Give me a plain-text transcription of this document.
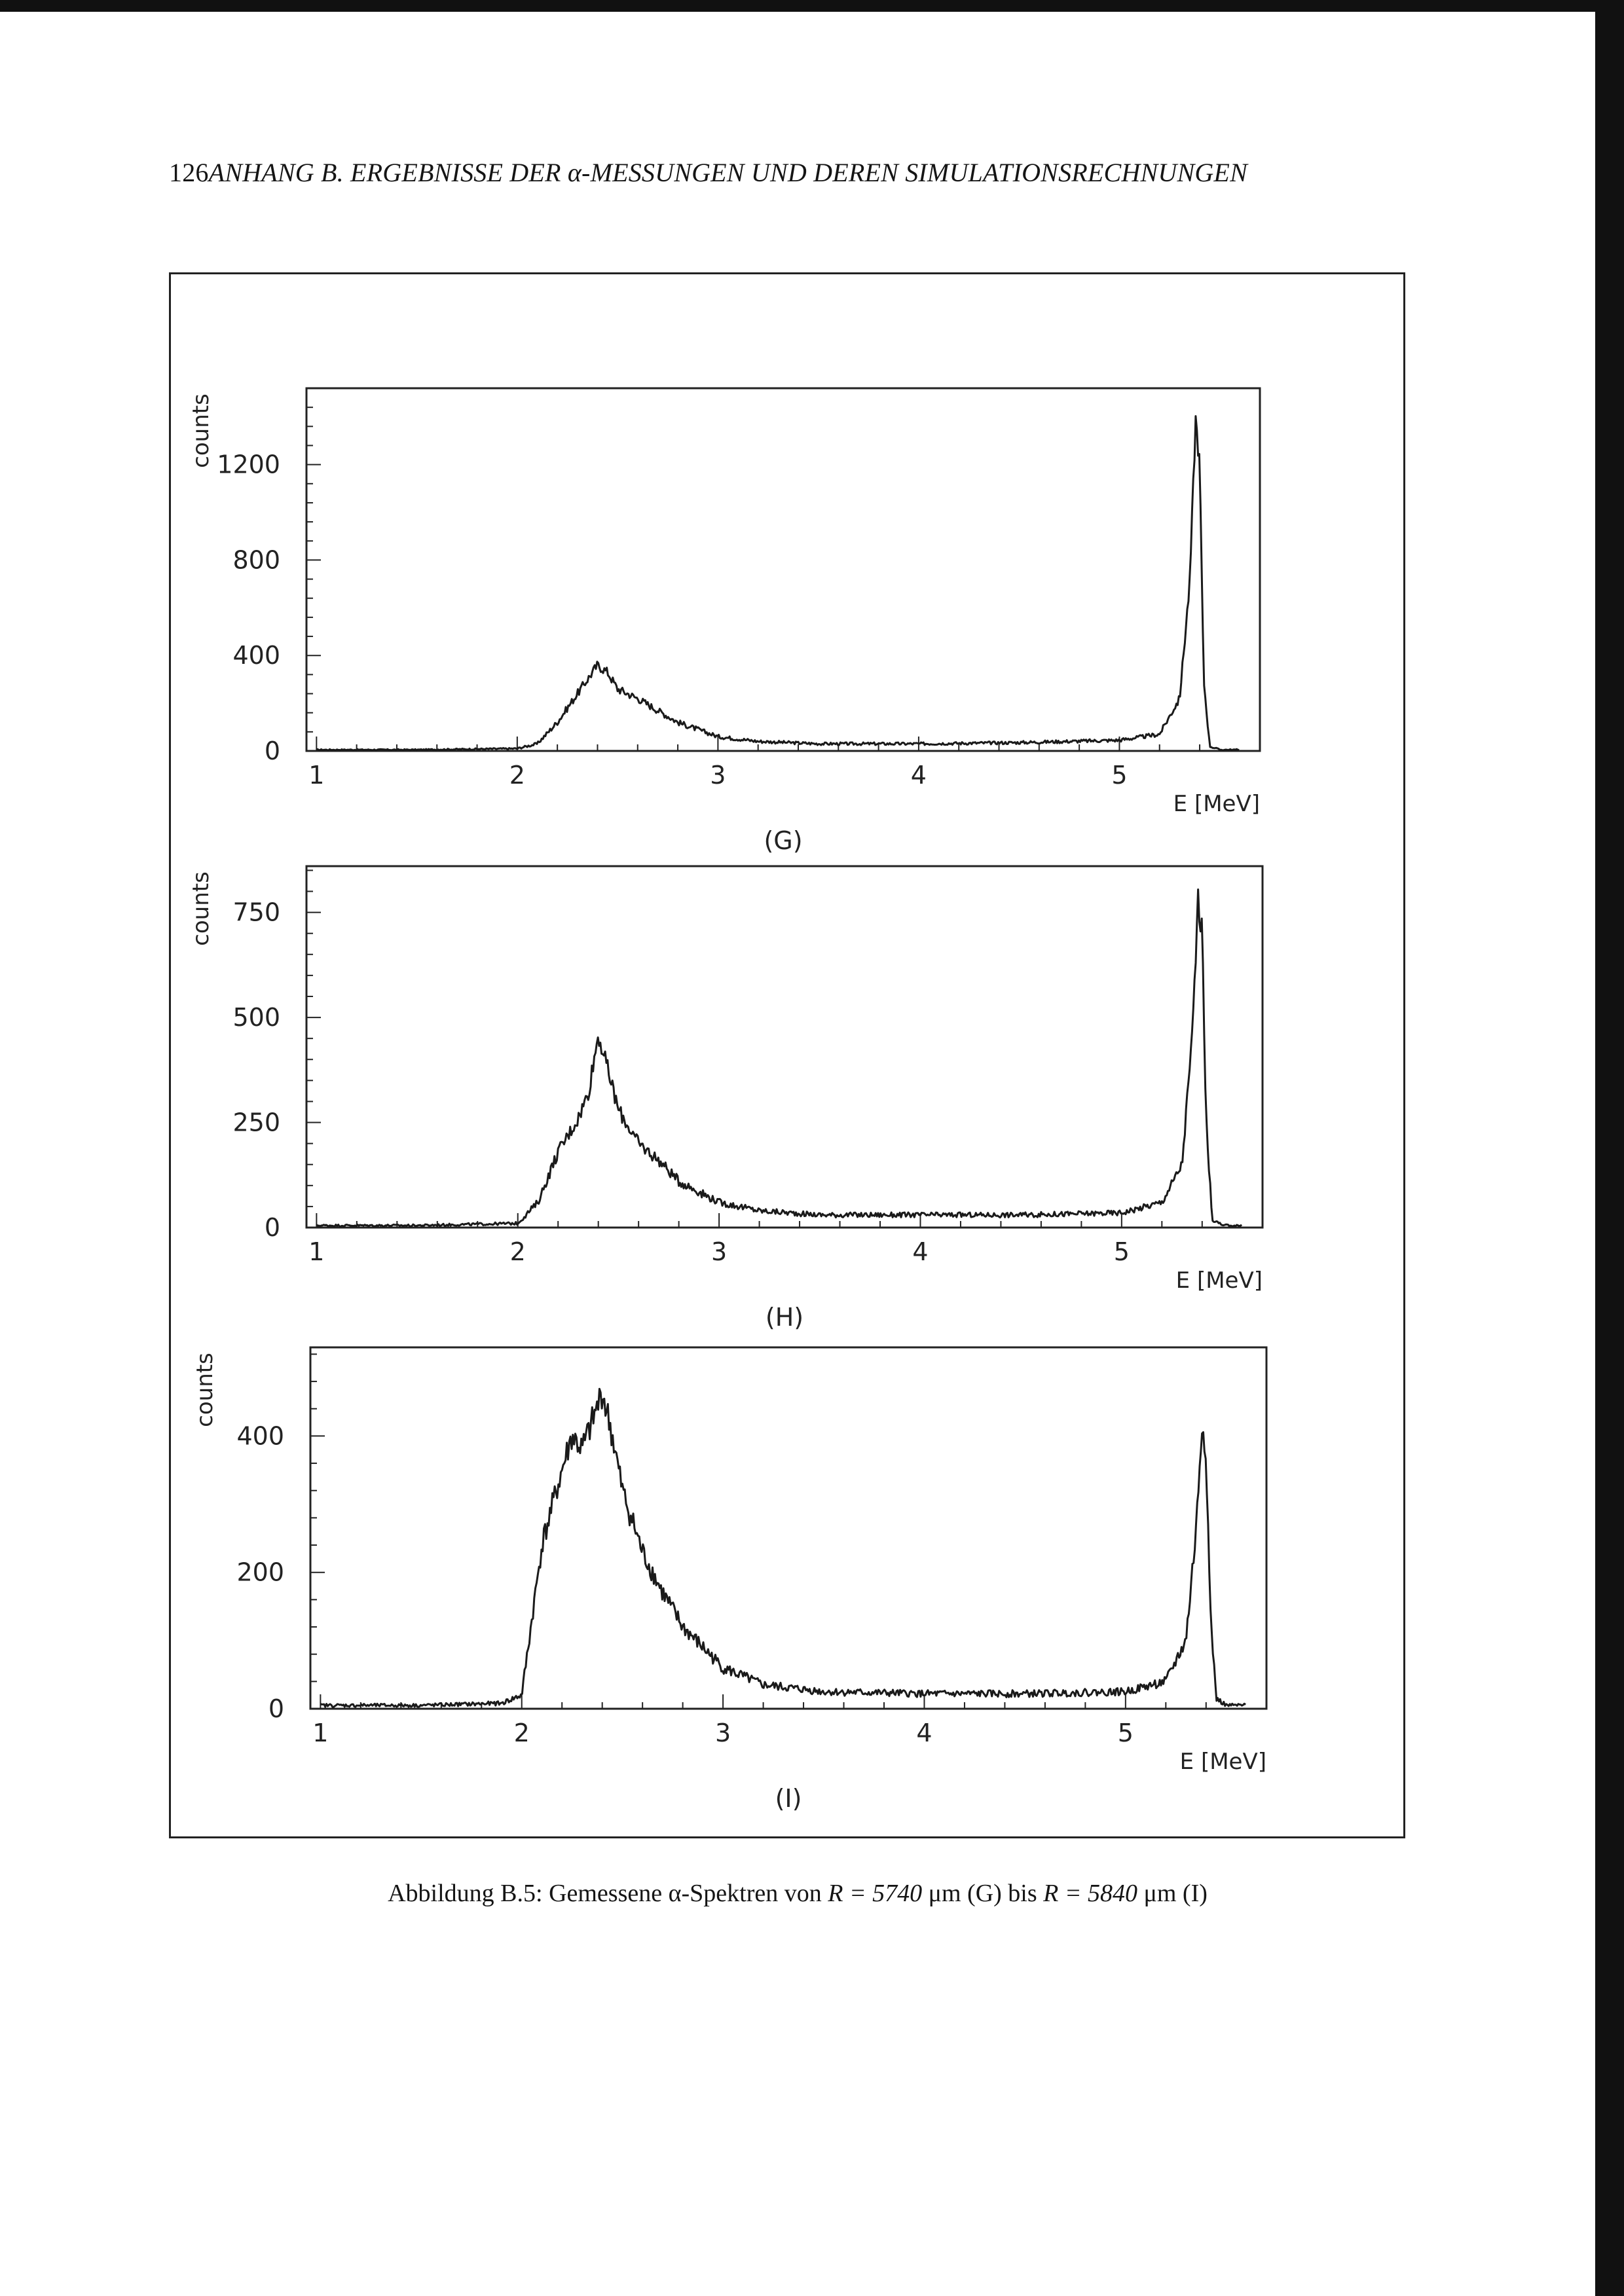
126ANHANG B. ERGEBNISSE DER α-MESSUNGEN UND DEREN SIMULATIONSRECHNUNGEN
1	2	3	4	5
0
400
800
1200
E [MeV]
counts
(G)
1	2	3	4	5
0
250
500
750
E [MeV]
counts
(H)
1	2	3	4	5
0
200
400
E [MeV]
counts
(I)
Abbildung B.5: Gemessene α-Spektren von R = 5740 μm (G) bis R = 5840 μm (I)
